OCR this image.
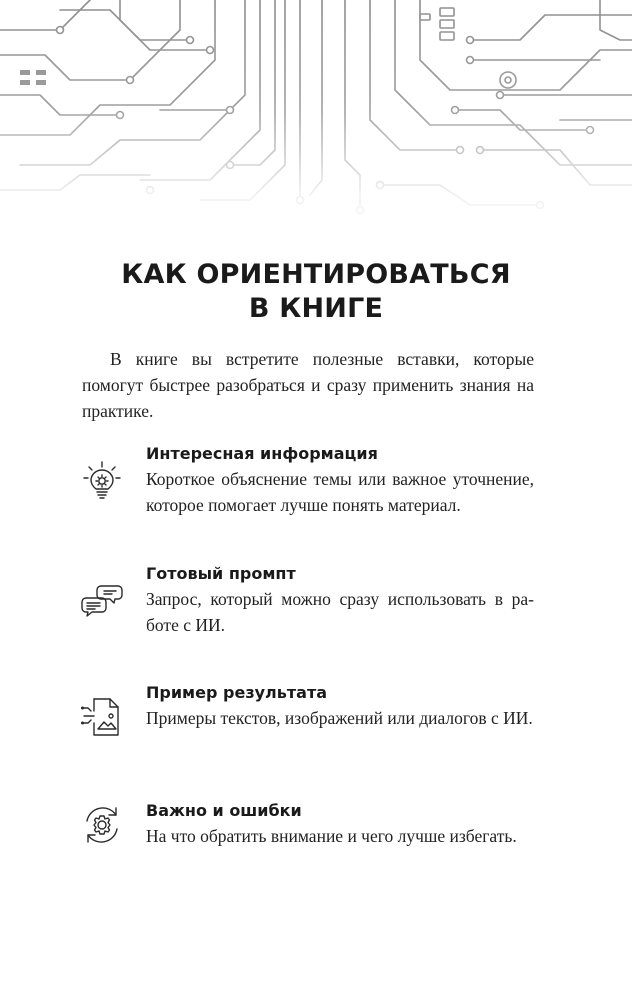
КАК ОРИЕНТИРОВАТЬСЯ
В КНИГЕ

В книге вы встретите полезные вставки, которые помогут быстрее разобраться и сразу применить знания на практике.

Интересная информация

Короткое объяснение темы или важное уточнение, которое помогает лучше понять материал.

Готовый промпт

Запрос, который можно сразу использовать в работе с ИИ.

Пример результата

Примеры текстов, изображений или диалогов с ИИ.

Важно и ошибки

На что обратить внимание и чего лучше избегать.
